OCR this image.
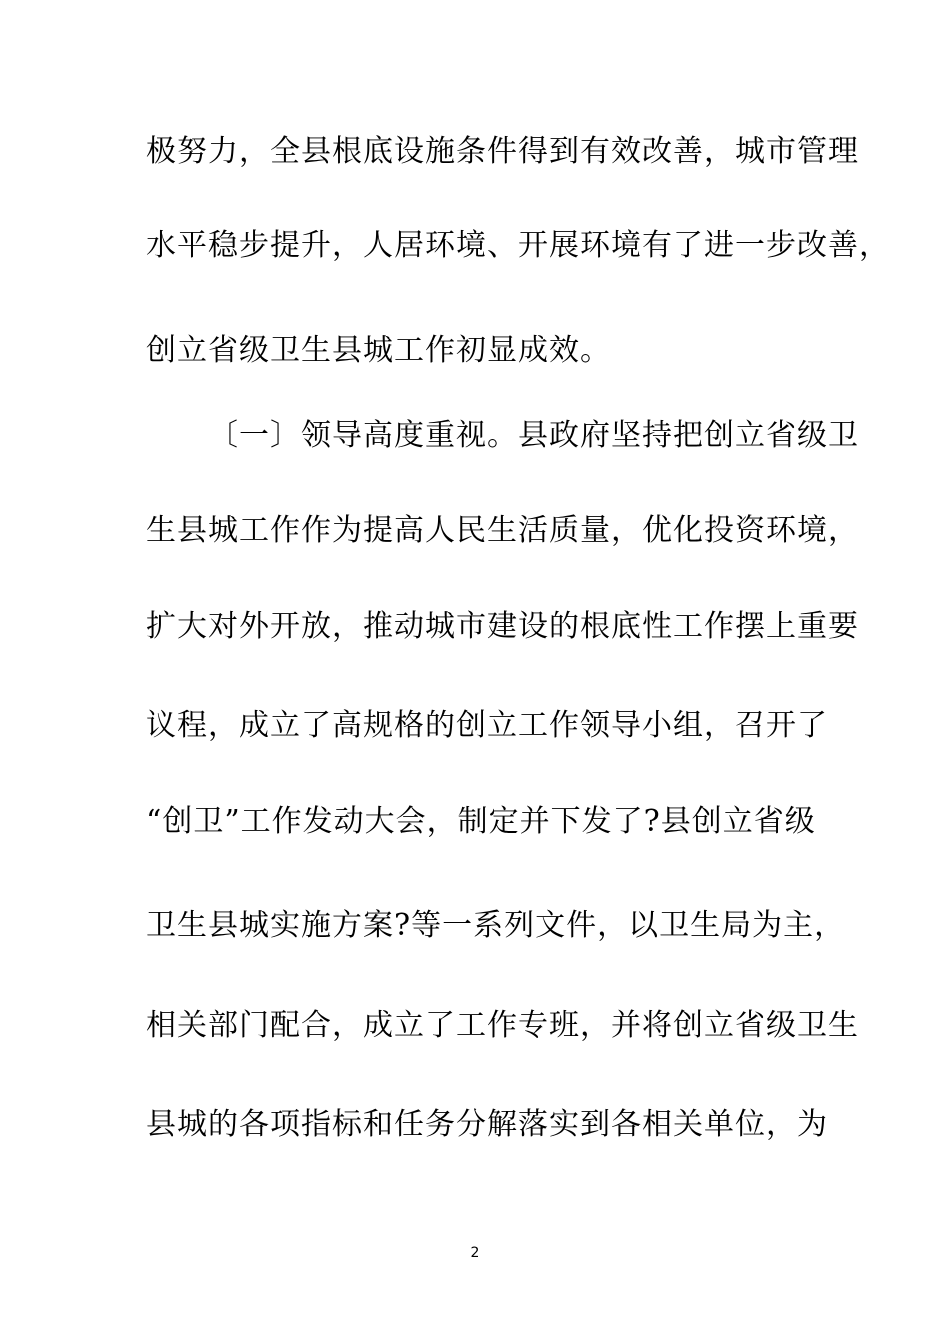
极努力，全县根底设施条件得到有效改善，城市管理
水平稳步提升，人居环境、开展环境有了进一步改善，
创立省级卫生县城工作初显成效。
〔一〕领导高度重视。县政府坚持把创立省级卫
生县城工作作为提高人民生活质量，优化投资环境，
扩大对外开放，推动城市建设的根底性工作摆上重要
议程，成立了高规格的创立工作领导小组，召开了
“创卫”工作发动大会，制定并下发了?县创立省级
卫生县城实施方案?等一系列文件，以卫生局为主，
相关部门配合，成立了工作专班，并将创立省级卫生
县城的各项指标和任务分解落实到各相关单位，为
2
